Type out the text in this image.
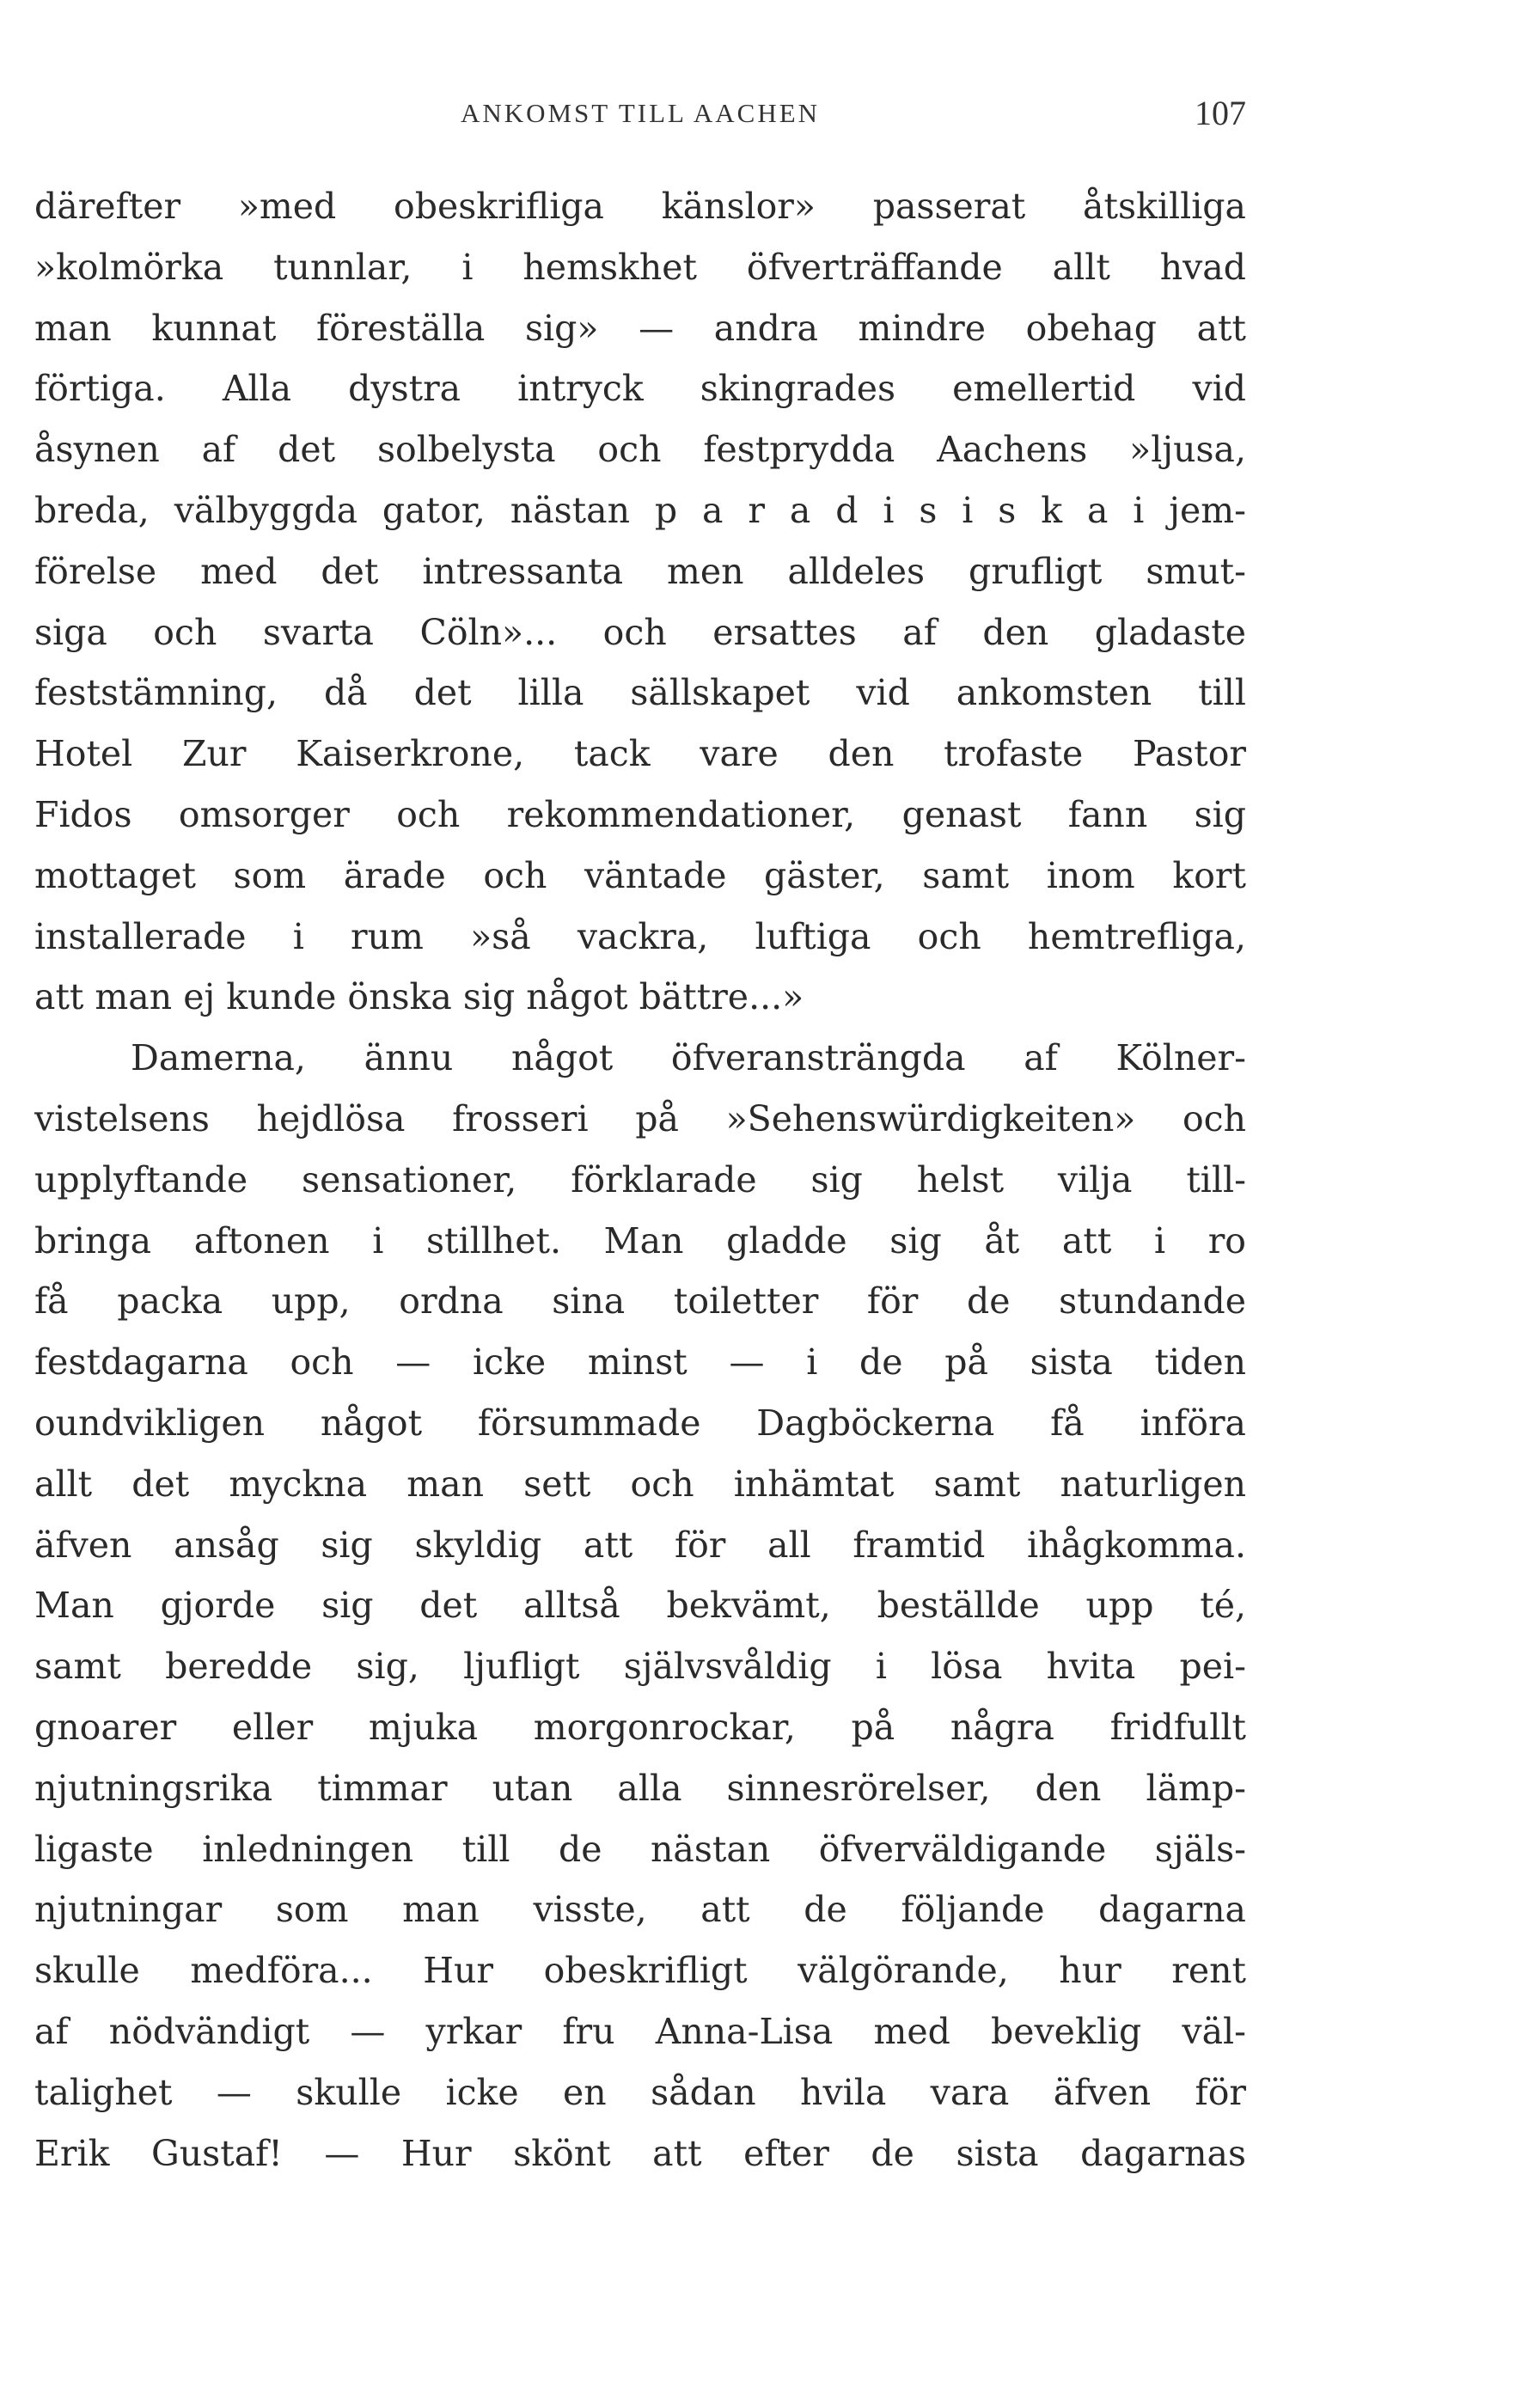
ANKOMST TILL AACHEN	107
därefter »med obeskrifliga känslor» passerat åtskilliga
»kolmörka tunnlar, i hemskhet öfverträffande allt hvad
man kunnat föreställa sig» — andra mindre obehag att
förtiga. Alla dystra intryck skingrades emellertid vid
åsynen af det solbelysta och festprydda Aachens »ljusa,
breda, välbyggda gator, nästan p a r a d i s i s k a i jem-
förelse med det intressanta men alldeles grufligt smut-
siga och svarta Cöln»... och ersattes af den gladaste
feststämning, då det lilla sällskapet vid ankomsten till
Hotel Zur Kaiserkrone, tack vare den trofaste Pastor
Fidos omsorger och rekommendationer, genast fann sig
mottaget som ärade och väntade gäster, samt inom kort
installerade i rum »så vackra, luftiga och hemtrefliga,
att man ej kunde önska sig något bättre...»
Damerna, ännu något öfveransträngda af Kölner-
vistelsens hejdlösa frosseri på »Sehenswürdigkeiten» och
upplyftande sensationer, förklarade sig helst vilja till-
bringa aftonen i stillhet. Man gladde sig åt att i ro
få packa upp, ordna sina toiletter för de stundande
festdagarna och — icke minst — i de på sista tiden
oundvikligen något försummade Dagböckerna få införa
allt det myckna man sett och inhämtat samt naturligen
äfven ansåg sig skyldig att för all framtid ihågkomma.
Man gjorde sig det alltså bekvämt, beställde upp té,
samt beredde sig, ljufligt självsvåldig i lösa hvita pei-
gnoarer eller mjuka morgonrockar, på några fridfullt
njutningsrika timmar utan alla sinnesrörelser, den lämp-
ligaste inledningen till de nästan öfverväldigande själs-
njutningar som man visste, att de följande dagarna
skulle medföra... Hur obeskrifligt välgörande, hur rent
af nödvändigt — yrkar fru Anna-Lisa med beveklig väl-
talighet — skulle icke en sådan hvila vara äfven för
Erik Gustaf! — Hur skönt att efter de sista dagarnas
